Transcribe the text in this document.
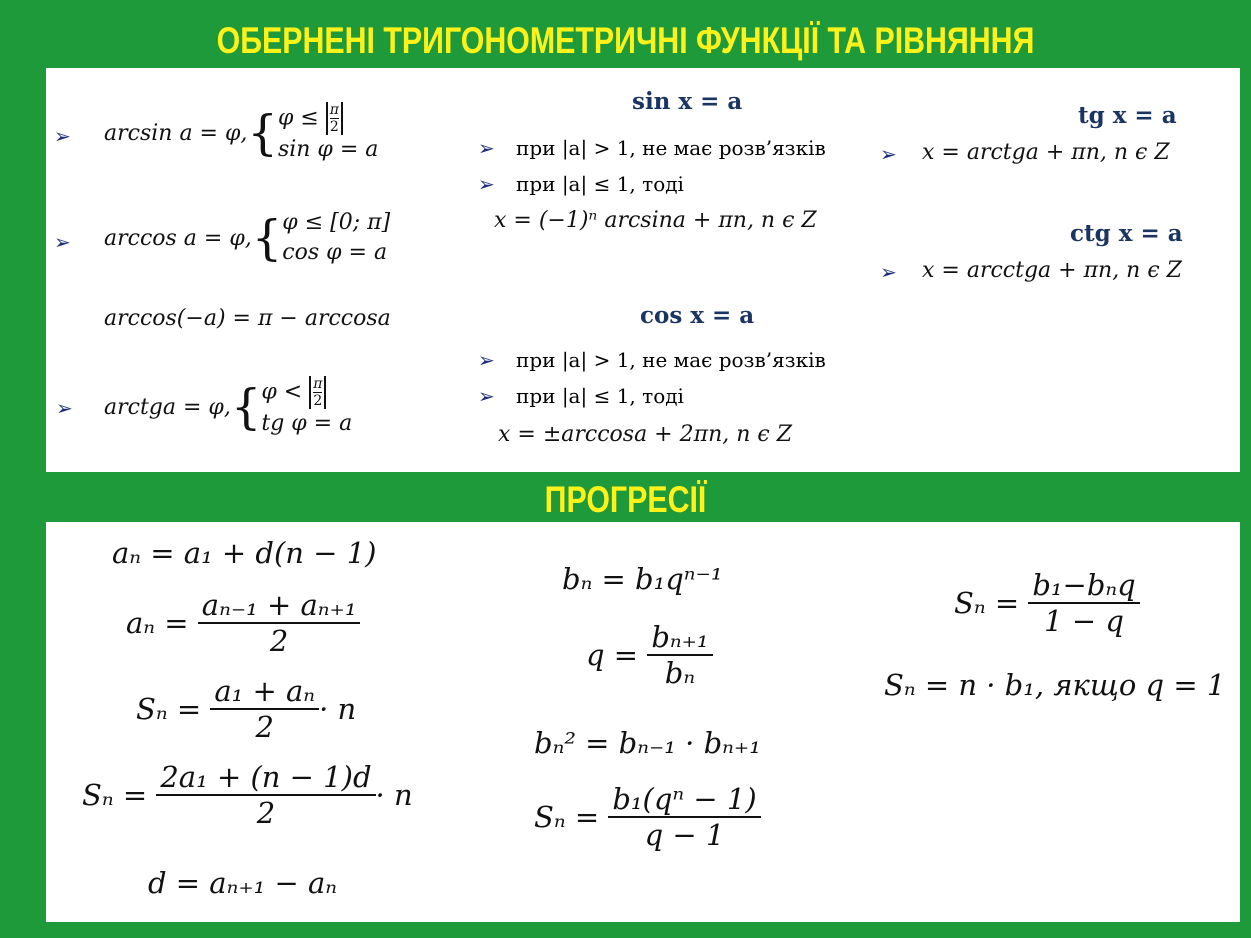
ОБЕРНЕНІ ТРИГОНОМЕТРИЧНІ ФУНКЦІЇ ТА РІВНЯННЯ
➢ arcsin a = φ, { $\varphi \le \frac{\pi}{2}$
sin φ = a
➢ arccos a = φ, { φ ≤ [0; π]
cos φ = a
arccos(−a) = π − arccosa
➢ arctga = φ, { $\varphi < \frac{\pi}{2}$
tg φ = a
sin x = a
➢ при |a| > 1, не має розв’язків
➢ при |a| ≤ 1, тоді
x = (−1)ⁿ arcsina + πn, n ϵ Z
cos x = a
➢ при |a| > 1, не має розв’язків
➢ при |a| ≤ 1, тоді
x = ±arccosa + 2πn, n ϵ Z
tg x = a
➢ x = arctga + πn, n ϵ Z
ctg x = a
➢ x = arcctga + πn, n ϵ Z
ПРОГРЕСІЇ
aₙ = a₁ + d(n − 1)
aₙ =
$\frac{\text{aₙ₋₁ + aₙ₊₁}}{2}$
Sₙ =
$\frac{\text{a₁ + aₙ}}{2} \cdot n$
Sₙ =
$\frac{\text{2a₁ + (n − 1)d}}{2} \cdot n$
d = aₙ₊₁ − aₙ
bₙ = b₁qⁿ⁻¹
q =
$\frac{\text{bₙ₊₁}}{\text{bₙ}}$
bₙ² = bₙ₋₁ · bₙ₊₁
Sₙ =
$\frac{\text{b₁(qⁿ − 1)}}{q - 1}$
Sₙ =
$\frac{\text{b₁−bₙq}}{1 - q}$
Sₙ = n · b₁, якщо q = 1
